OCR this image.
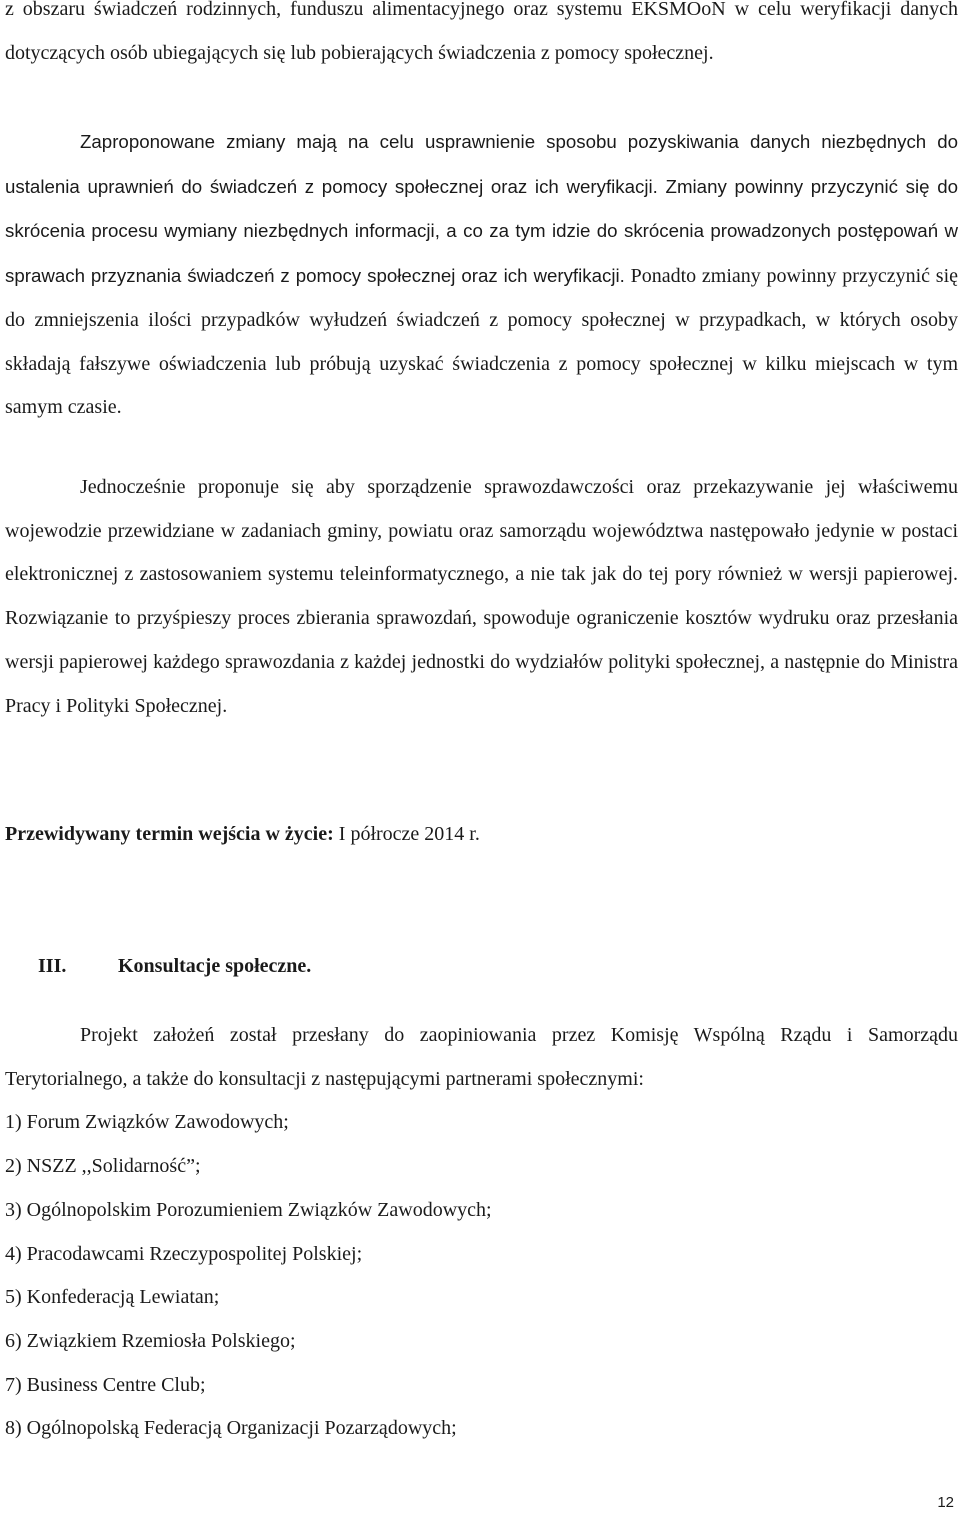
z obszaru świadczeń rodzinnych, funduszu alimentacyjnego oraz systemu EKSMOoN w celu weryfikacji danych dotyczących osób ubiegających się lub pobierających świadczenia z pomocy społecznej.

Zaproponowane zmiany mają na celu usprawnienie sposobu pozyskiwania danych niezbędnych do ustalenia uprawnień do świadczeń z pomocy społecznej oraz ich weryfikacji. Zmiany powinny przyczynić się do skrócenia procesu wymiany niezbędnych informacji, a co za tym idzie do skrócenia prowadzonych postępowań w sprawach przyznania świadczeń z pomocy społecznej oraz ich weryfikacji. Ponadto zmiany powinny przyczynić się do zmniejszenia ilości przypadków wyłudzeń świadczeń z pomocy społecznej w przypadkach, w których osoby składają fałszywe oświadczenia lub próbują uzyskać świadczenia z pomocy społecznej w kilku miejscach w tym samym czasie.

Jednocześnie proponuje się aby sporządzenie sprawozdawczości oraz przekazywanie jej właściwemu wojewodzie przewidziane w zadaniach gminy, powiatu oraz samorządu województwa następowało jedynie w postaci elektronicznej z zastosowaniem systemu teleinformatycznego, a nie tak jak do tej pory również w wersji papierowej. Rozwiązanie to przyśpieszy proces zbierania sprawozdań, spowoduje ograniczenie kosztów wydruku oraz przesłania wersji papierowej każdego sprawozdania z każdej jednostki do wydziałów polityki społecznej, a następnie do Ministra Pracy i Polityki Społecznej.

Przewidywany termin wejścia w życie: I półrocze 2014 r.

III.	Konsultacje społeczne.

Projekt założeń został przesłany do zaopiniowania przez Komisję Wspólną Rządu i Samorządu Terytorialnego, a także do konsultacji z następującymi partnerami społecznymi:

1) Forum Związków Zawodowych;
2) NSZZ ,,Solidarność”;
3) Ogólnopolskim Porozumieniem Związków Zawodowych;
4) Pracodawcami Rzeczypospolitej Polskiej;
5) Konfederacją Lewiatan;
6) Związkiem Rzemiosła Polskiego;
7) Business Centre Club;
8) Ogólnopolską Federacją Organizacji Pozarządowych;
12
